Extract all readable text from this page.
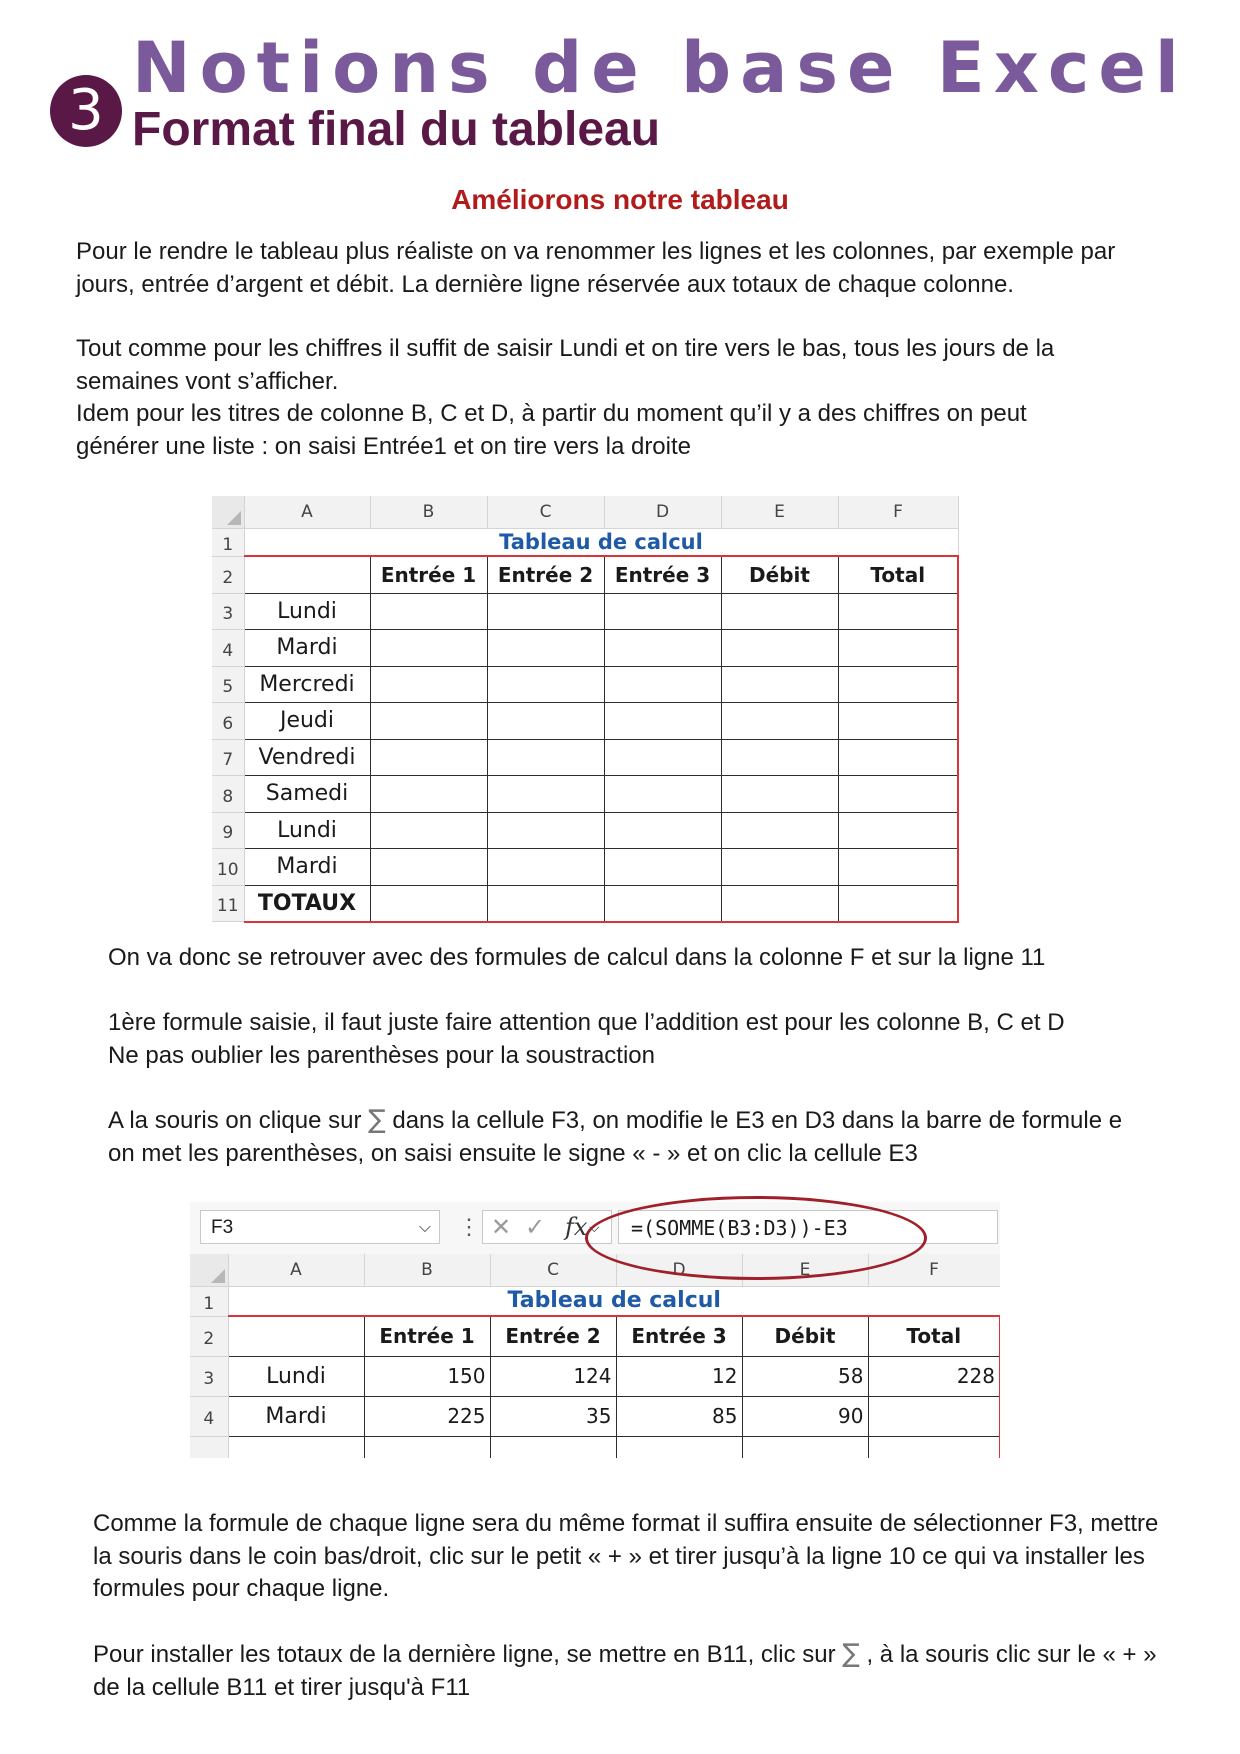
3
Notions de base Excel
Format final du tableau
Améliorons notre tableau

Pour le rendre le tableau plus réaliste on va renommer les lignes et les colonnes, par exemple par jours, entrée d’argent et débit. La dernière ligne réservée aux totaux de chaque colonne.

Tout comme pour les chiffres il suffit de saisir Lundi et on tire vers le bas, tous les jours de la semaines vont s’afficher.

Idem pour les titres de colonne B, C et D, à partir du moment qu’il y a des chiffres on peut générer une liste : on saisi Entrée1 et on tire vers la droite

	A	B	C	D	E	F
1	Tableau de calcul					
2		Entrée 1	Entrée 2	Entrée 3	Débit	Total
3	Lundi					
4	Mardi					
5	Mercredi					
6	Jeudi					
7	Vendredi					
8	Samedi					
9	Lundi					
10	Mardi					
11	TOTAUX					

On va donc se retrouver avec des formules de calcul dans la colonne F et sur la ligne 11

1ère formule saisie, il faut juste faire attention que l’addition est pour les colonne B, C et D

Ne pas oublier les parenthèses pour la soustraction

A la souris on clique sur ∑ dans la cellule F3, on modifie le E3 en D3 dans la barre de formule e on met les parenthèses, on saisi ensuite le signe « - » et on clic la cellule E3

F3	⌵ ⋮ ✕ ✓ fx ⌵	=(SOMME(B3:D3))-E3
	A	B	C	D	E	F
1	Tableau de calcul					
2		Entrée 1	Entrée 2	Entrée 3	Débit	Total
3	Lundi	150	124	12	58	228
4	Mardi	225	35	85	90	

Comme la formule de chaque ligne sera du même format il suffira ensuite de sélectionner F3, mettre la souris dans le coin bas/droit, clic sur le petit « + » et tirer jusqu’à la ligne 10 ce qui va installer les formules pour chaque ligne.

Pour installer les totaux de la dernière ligne, se mettre en B11, clic sur ∑ , à la souris clic sur le « + » de la cellule B11 et tirer jusqu'à F11
